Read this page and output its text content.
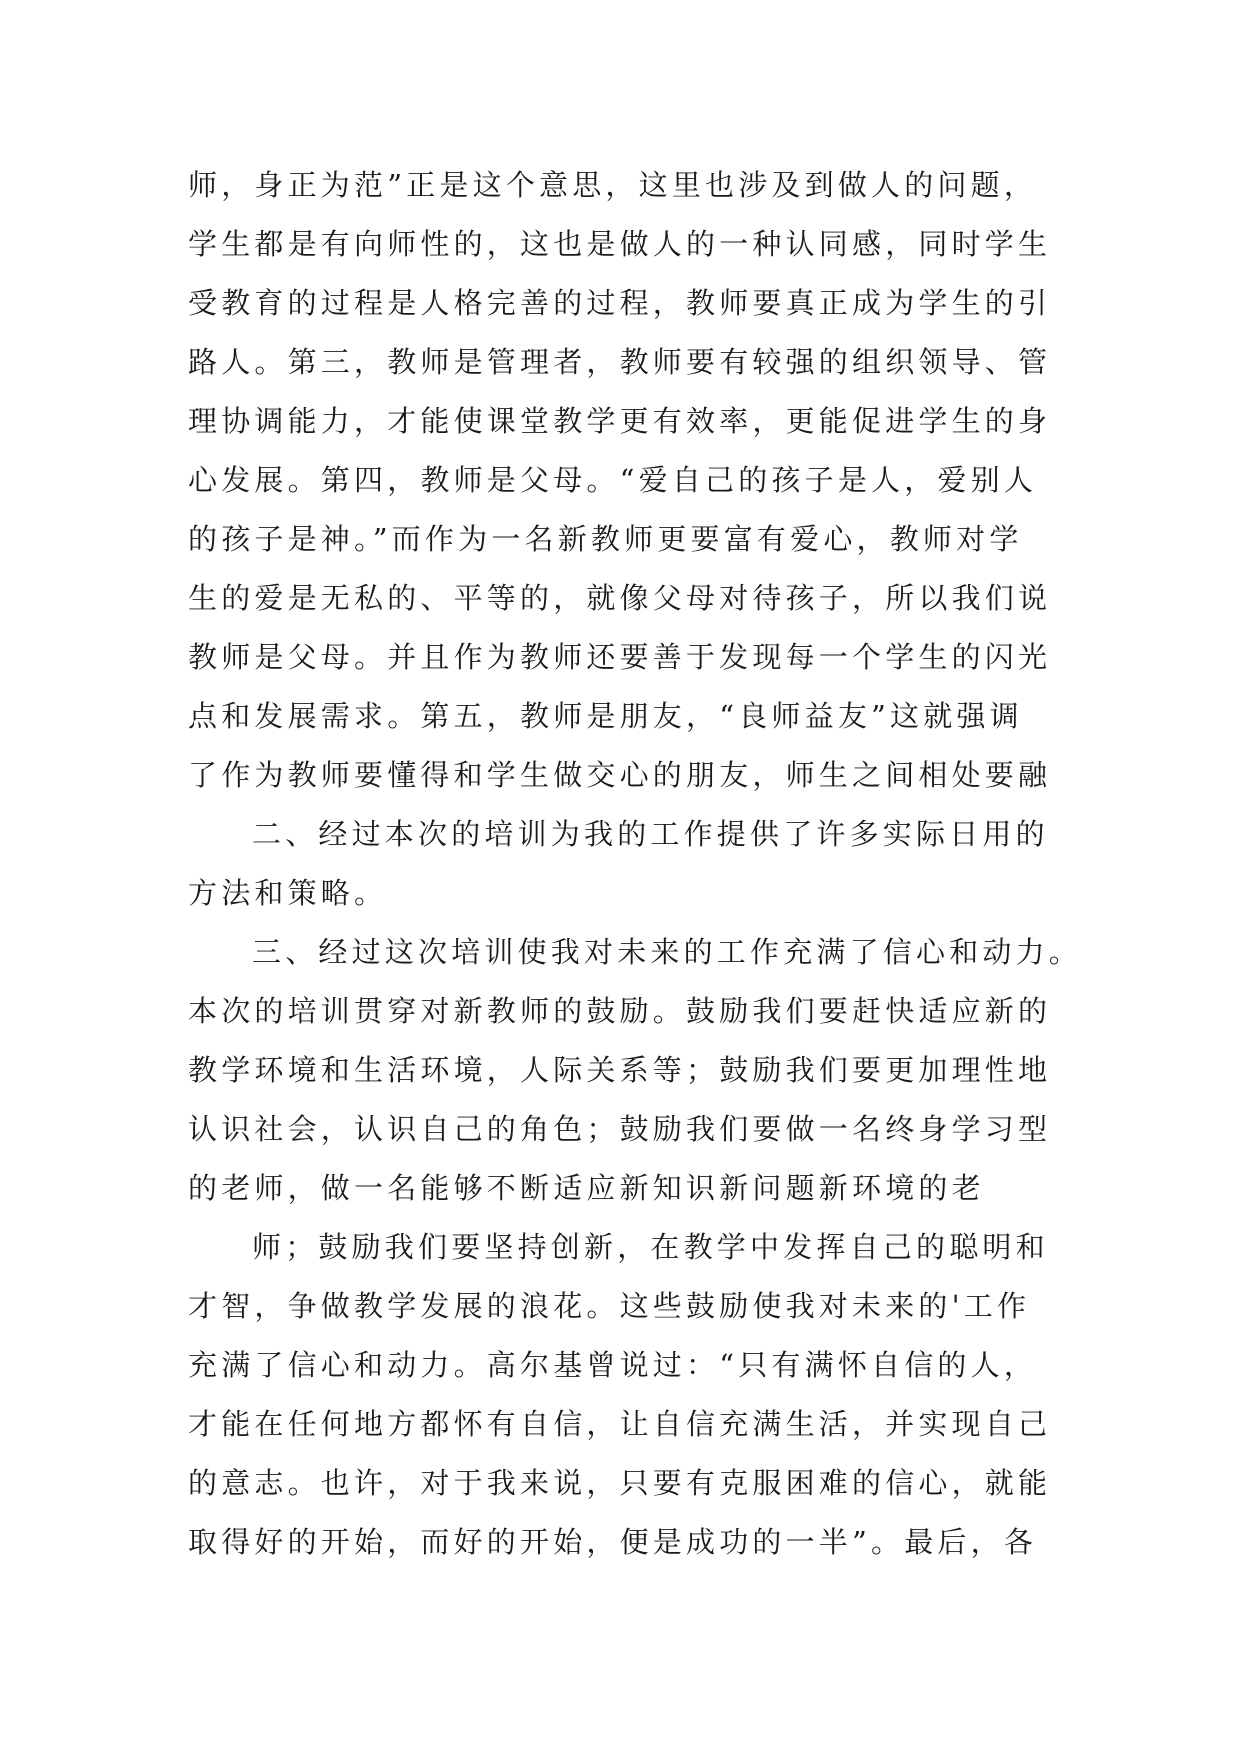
师，身正为范”正是这个意思，这里也涉及到做人的问题，
学生都是有向师性的，这也是做人的一种认同感，同时学生
受教育的过程是人格完善的过程，教师要真正成为学生的引
路人。第三，教师是管理者，教师要有较强的组织领导、管
理协调能力，才能使课堂教学更有效率，更能促进学生的身
心发展。第四，教师是父母。“爱自己的孩子是人，爱别人
的孩子是神。”而作为一名新教师更要富有爱心，教师对学
生的爱是无私的、平等的，就像父母对待孩子，所以我们说
教师是父母。并且作为教师还要善于发现每一个学生的闪光
点和发展需求。第五，教师是朋友，“良师益友”这就强调
了作为教师要懂得和学生做交心的朋友，师生之间相处要融
二、经过本次的培训为我的工作提供了许多实际日用的
方法和策略。
三、经过这次培训使我对未来的工作充满了信心和动力。
本次的培训贯穿对新教师的鼓励。鼓励我们要赶快适应新的
教学环境和生活环境，人际关系等；鼓励我们要更加理性地
认识社会，认识自己的角色；鼓励我们要做一名终身学习型
的老师，做一名能够不断适应新知识新问题新环境的老
师；鼓励我们要坚持创新，在教学中发挥自己的聪明和
才智，争做教学发展的浪花。这些鼓励使我对未来的'工作
充满了信心和动力。高尔基曾说过：“只有满怀自信的人，
才能在任何地方都怀有自信，让自信充满生活，并实现自己
的意志。也许，对于我来说，只要有克服困难的信心，就能
取得好的开始，而好的开始，便是成功的一半”。最后，各
